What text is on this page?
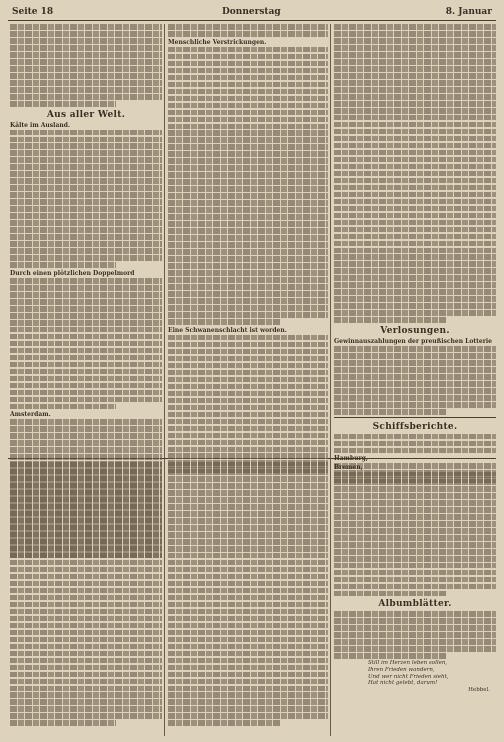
Seite 18	Donnerstag	8. Januar
Aus aller Welt.
Kälte im Ausland.
Durch einen plötzlichen Doppelmord
Amsterdam.
Menschliche Verstrickungen.
Eine Schwanenschlacht ist worden.	Verlosungen.
Gewinnauszahlungen der preußischen Lotterie
Schiffsberichte.
Hamburg,
Bremen,
Albumblätter.
Still im Herzen leben sollen,
Ihren Frieden wandern,
Und wer nicht Frieden sieht,
Hat nicht gelebt, darum!
Hebbel.
